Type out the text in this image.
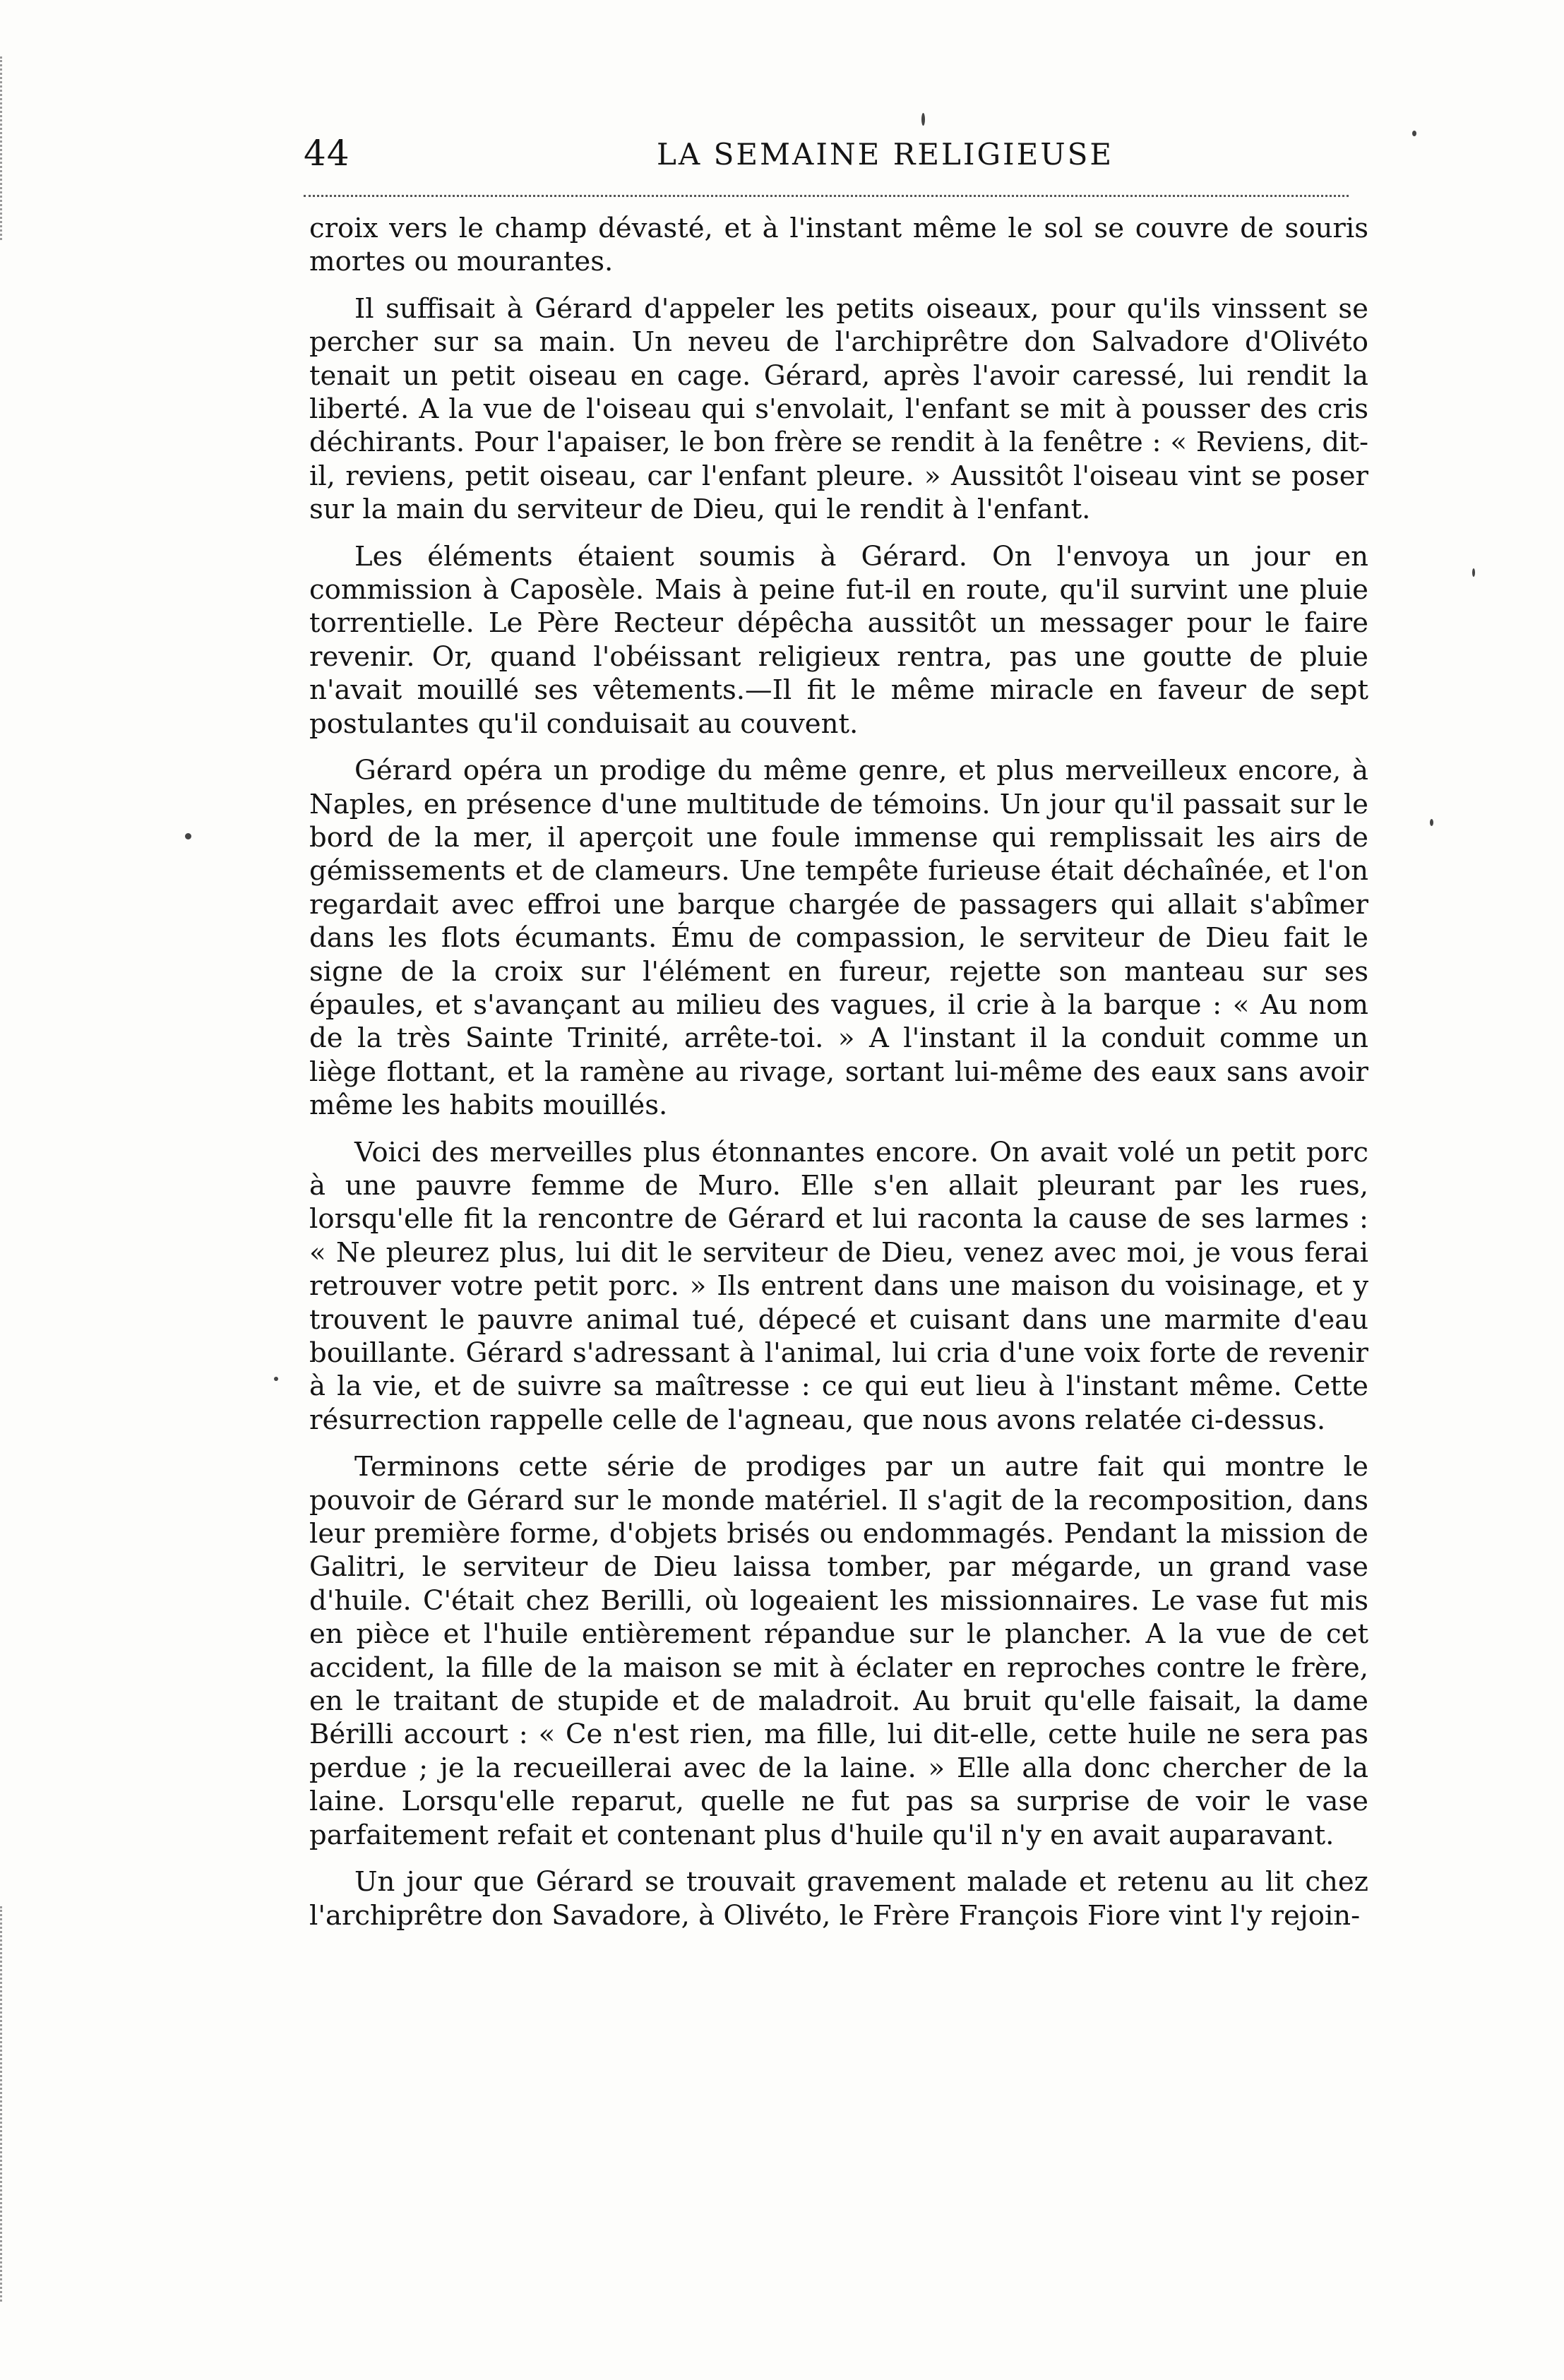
44	LA SEMAINE RELIGIEUSE

croix vers le champ dévasté, et à l'instant même le sol se couvre de souris mortes ou mourantes.

Il suffisait à Gérard d'appeler les petits oiseaux, pour qu'ils vinssent se percher sur sa main. Un neveu de l'archiprêtre don Salvadore d'Olivéto tenait un petit oiseau en cage. Gérard, après l'avoir caressé, lui rendit la liberté. A la vue de l'oiseau qui s'envolait, l'enfant se mit à pousser des cris déchirants. Pour l'apaiser, le bon frère se rendit à la fenêtre : « Reviens, dit-il, reviens, petit oiseau, car l'enfant pleure. » Aussitôt l'oiseau vint se poser sur la main du serviteur de Dieu, qui le rendit à l'enfant.

Les éléments étaient soumis à Gérard. On l'envoya un jour en commission à Caposèle. Mais à peine fut-il en route, qu'il survint une pluie torrentielle. Le Père Recteur dépêcha aussitôt un messager pour le faire revenir. Or, quand l'obéissant religieux rentra, pas une goutte de pluie n'avait mouillé ses vêtements.—Il fit le même miracle en faveur de sept postulantes qu'il conduisait au couvent.

Gérard opéra un prodige du même genre, et plus merveilleux encore, à Naples, en présence d'une multitude de témoins. Un jour qu'il passait sur le bord de la mer, il aperçoit une foule immense qui remplissait les airs de gémissements et de clameurs. Une tempête furieuse était déchaînée, et l'on regardait avec effroi une barque chargée de passagers qui allait s'abîmer dans les flots écumants. Ému de compassion, le serviteur de Dieu fait le signe de la croix sur l'élément en fureur, rejette son manteau sur ses épaules, et s'avançant au milieu des vagues, il crie à la barque : « Au nom de la très Sainte Trinité, arrête-toi. » A l'instant il la conduit comme un liège flottant, et la ramène au rivage, sortant lui-même des eaux sans avoir même les habits mouillés.

Voici des merveilles plus étonnantes encore. On avait volé un petit porc à une pauvre femme de Muro. Elle s'en allait pleurant par les rues, lorsqu'elle fit la rencontre de Gérard et lui raconta la cause de ses larmes : « Ne pleurez plus, lui dit le serviteur de Dieu, venez avec moi, je vous ferai retrouver votre petit porc. » Ils entrent dans une maison du voisinage, et y trouvent le pauvre animal tué, dépecé et cuisant dans une marmite d'eau bouillante. Gérard s'adressant à l'animal, lui cria d'une voix forte de revenir à la vie, et de suivre sa maîtresse : ce qui eut lieu à l'instant même. Cette résurrection rappelle celle de l'agneau, que nous avons relatée ci-dessus.

Terminons cette série de prodiges par un autre fait qui montre le pouvoir de Gérard sur le monde matériel. Il s'agit de la recomposition, dans leur première forme, d'objets brisés ou endommagés. Pendant la mission de Galitri, le serviteur de Dieu laissa tomber, par mégarde, un grand vase d'huile. C'était chez Berilli, où logeaient les missionnaires. Le vase fut mis en pièce et l'huile entièrement répandue sur le plancher. A la vue de cet accident, la fille de la maison se mit à éclater en reproches contre le frère, en le traitant de stupide et de maladroit. Au bruit qu'elle faisait, la dame Bérilli accourt : « Ce n'est rien, ma fille, lui dit-elle, cette huile ne sera pas perdue ; je la recueillerai avec de la laine. » Elle alla donc chercher de la laine. Lorsqu'elle reparut, quelle ne fut pas sa surprise de voir le vase parfaitement refait et contenant plus d'huile qu'il n'y en avait auparavant.

Un jour que Gérard se trouvait gravement malade et retenu au lit chez l'archiprêtre don Savadore, à Olivéto, le Frère François Fiore vint l'y rejoin-
